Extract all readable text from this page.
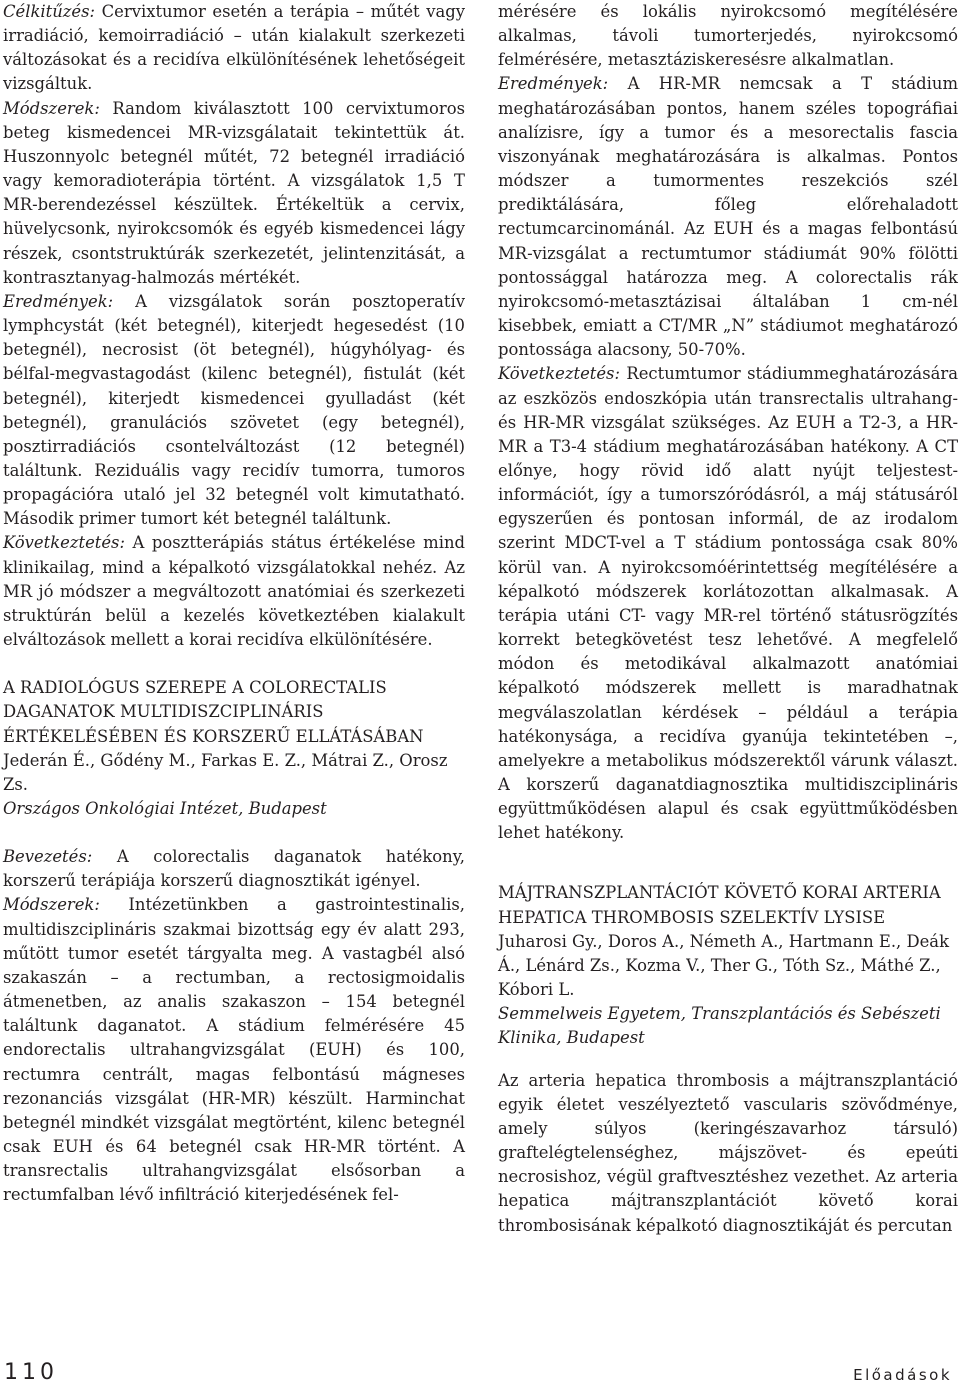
Célkitűzés: Cervixtumor esetén a terápia – műtét vagy irradiáció, kemoirradiáció – után kialakult szerkezeti változásokat és a recidíva elkülönítésének lehetőségeit vizsgáltuk.

Módszerek: Random kiválasztott 100 cervixtumoros beteg kismedencei MR-vizsgálatait tekintettük át. Huszonnyolc betegnél műtét, 72 betegnél irradiáció vagy kemoradioterápia történt. A vizsgálatok 1,5 T MR-berendezéssel készültek. Értékeltük a cervix, hüvelycsonk, nyirokcsomók és egyéb kismedencei lágy részek, csontstruktúrák szerkezetét, jelintenzitását, a kontrasztanyag-halmozás mértékét.

Eredmények: A vizsgálatok során posztoperatív lymphcystát (két betegnél), kiterjedt hegesedést (10 betegnél), necrosist (öt betegnél), húgyhólyag- és bélfal-megvastagodást (kilenc betegnél), fistulát (két betegnél), kiterjedt kismedencei gyulladást (két betegnél), granulációs szövetet (egy betegnél), posztirradiációs csontelváltozást (12 betegnél) találtunk. Reziduális vagy recidív tumorra, tumoros propagációra utaló jel 32 betegnél volt kimutatható. Második primer tumort két betegnél találtunk.

Következtetés: A posztterápiás státus értékelése mind klinikailag, mind a képalkotó vizsgálatokkal nehéz. Az MR jó módszer a megváltozott anatómiai és szerkezeti struktúrán belül a kezelés következtében kialakult elváltozások mellett a korai recidíva elkülönítésére.

A RADIOLÓGUS SZEREPE A COLORECTALIS DAGANATOK MULTIDISZCIPLINÁRIS ÉRTÉKELÉSÉBEN ÉS KORSZERŰ ELLÁTÁSÁBAN

Jederán É., Gődény M., Farkas E. Z., Mátrai Z., Orosz Zs.

Országos Onkológiai Intézet, Budapest

Bevezetés: A colorectalis daganatok hatékony, korszerű terápiája korszerű diagnosztikát igényel.

Módszerek: Intézetünkben a gastrointestinalis, multidiszciplináris szakmai bizottság egy év alatt 293, műtött tumor esetét tárgyalta meg. A vastagbél alsó szakaszán – a rectumban, a rectosigmoidalis átmenetben, az analis szakaszon – 154 betegnél találtunk daganatot. A stádium felmérésére 45 endorectalis ultrahangvizsgálat (EUH) és 100, rectumra centrált, magas felbontású mágneses rezonanciás vizsgálat (HR-MR) készült. Harminchat betegnél mindkét vizsgálat megtörtént, kilenc betegnél csak EUH és 64 betegnél csak HR-MR történt. A transrectalis ultrahangvizsgálat elsősorban a rectumfalban lévő infiltráció kiterjedésének fel-

mérésére és lokális nyirokcsomó megítélésére alkalmas, távoli tumorterjedés, nyirokcsomó felmérésére, metasztáziskeresésre alkalmatlan.

Eredmények: A HR-MR nemcsak a T stádium meghatározásában pontos, hanem széles topográfiai analízisre, így a tumor és a mesorectalis fascia viszonyának meghatározására is alkalmas. Pontos módszer a tumormentes reszekciós szél prediktálására, főleg előrehaladott rectumcarcinománál. Az EUH és a magas felbontású MR-vizsgálat a rectumtumor stádiumát 90% fölötti pontossággal határozza meg. A colorectalis rák nyirokcsomó-metasztázisai általában 1 cm-nél kisebbek, emiatt a CT/MR „N” stádiumot meghatározó pontossága alacsony, 50-70%.

Következtetés: Rectumtumor stádiummeghatározására az eszközös endoszkópia után transrectalis ultrahang- és HR-MR vizsgálat szükséges. Az EUH a T2-3, a HR-MR a T3-4 stádium meghatározásában hatékony. A CT előnye, hogy rövid idő alatt nyújt teljestest-információt, így a tumorszóródásról, a máj státusáról egyszerűen és pontosan informál, de az irodalom szerint MDCT-vel a T stádium pontossága csak 80% körül van. A nyirokcsomóérintettség megítélésére a képalkotó módszerek korlátozottan alkalmasak. A terápia utáni CT- vagy MR-rel történő státusrögzítés korrekt betegkövetést tesz lehetővé. A megfelelő módon és metodikával alkalmazott anatómiai képalkotó módszerek mellett is maradhatnak megválaszolatlan kérdések – például a terápia hatékonysága, a recidíva gyanúja tekintetében –, amelyekre a metabolikus módszerektől várunk választ. A korszerű daganatdiagnosztika multidiszciplináris együttműködésen alapul és csak együttműködésben lehet hatékony.

MÁJTRANSZPLANTÁCIÓT KÖVETŐ KORAI ARTERIA HEPATICA THROMBOSIS SZELEKTÍV LYSISE

Juharosi Gy., Doros A., Németh A., Hartmann E., Deák Á., Lénárd Zs., Kozma V., Ther G., Tóth Sz., Máthé Z., Kóbori L.

Semmelweis Egyetem, Transzplantációs és Sebészeti Klinika, Budapest

Az arteria hepatica thrombosis a májtranszplantáció egyik életet veszélyeztető vascularis szövődménye, amely súlyos (keringészavarhoz társuló) graftelégtelenséghez, májszövet- és epeúti necrosishoz, végül graftvesztéshez vezethet. Az arteria hepatica májtranszplantációt követő korai thrombosisának képalkotó diagnosztikáját és percutan

110	Előadások
